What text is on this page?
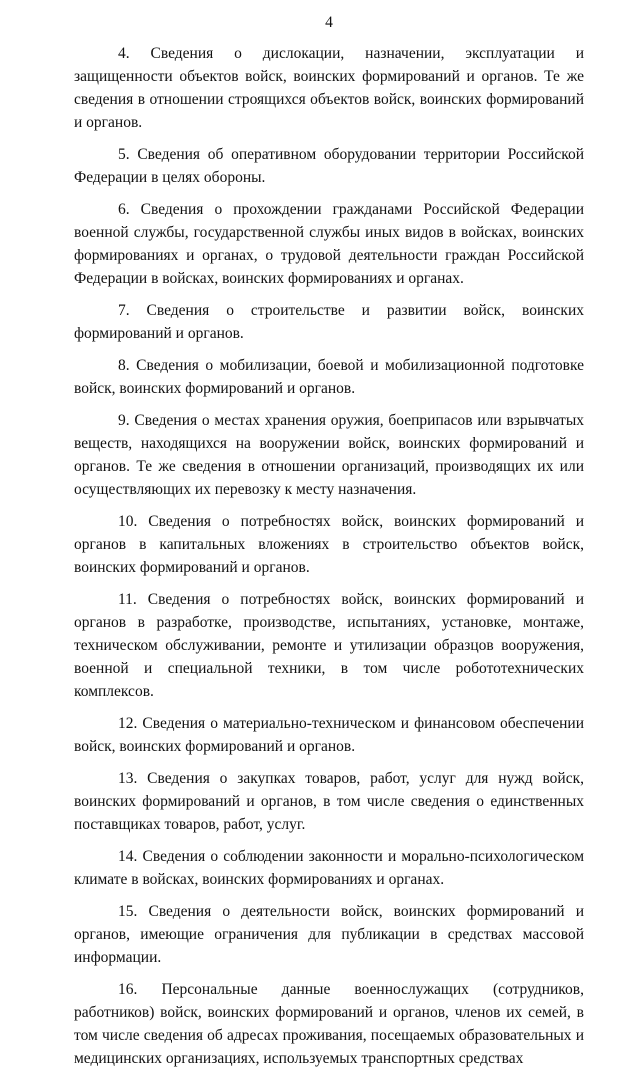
4

4. Сведения о дислокации, назначении, эксплуатации и защищенности объектов войск, воинских формирований и органов. Те же сведения в отношении строящихся объектов войск, воинских формирований и органов.

5. Сведения об оперативном оборудовании территории Российской Федерации в целях обороны.

6. Сведения о прохождении гражданами Российской Федерации военной службы, государственной службы иных видов в войсках, воинских формированиях и органах, о трудовой деятельности граждан Российской Федерации в войсках, воинских формированиях и органах.

7. Сведения о строительстве и развитии войск, воинских формирований и органов.

8. Сведения о мобилизации, боевой и мобилизационной подготовке войск, воинских формирований и органов.

9. Сведения о местах хранения оружия, боеприпасов или взрывчатых веществ, находящихся на вооружении войск, воинских формирований и органов. Те же сведения в отношении организаций, производящих их или осуществляющих их перевозку к месту назначения.

10. Сведения о потребностях войск, воинских формирований и органов в капитальных вложениях в строительство объектов войск, воинских формирований и органов.

11. Сведения о потребностях войск, воинских формирований и органов в разработке, производстве, испытаниях, установке, монтаже, техническом обслуживании, ремонте и утилизации образцов вооружения, военной и специальной техники, в том числе робототехнических комплексов.

12. Сведения о материально-техническом и финансовом обеспечении войск, воинских формирований и органов.

13. Сведения о закупках товаров, работ, услуг для нужд войск, воинских формирований и органов, в том числе сведения о единственных поставщиках товаров, работ, услуг.

14. Сведения о соблюдении законности и морально-психологическом климате в войсках, воинских формированиях и органах.

15. Сведения о деятельности войск, воинских формирований и органов, имеющие ограничения для публикации в средствах массовой информации.

16. Персональные данные военнослужащих (сотрудников, работников) войск, воинских формирований и органов, членов их семей, в том числе сведения об адресах проживания, посещаемых образовательных и медицинских организациях, используемых транспортных средствах
